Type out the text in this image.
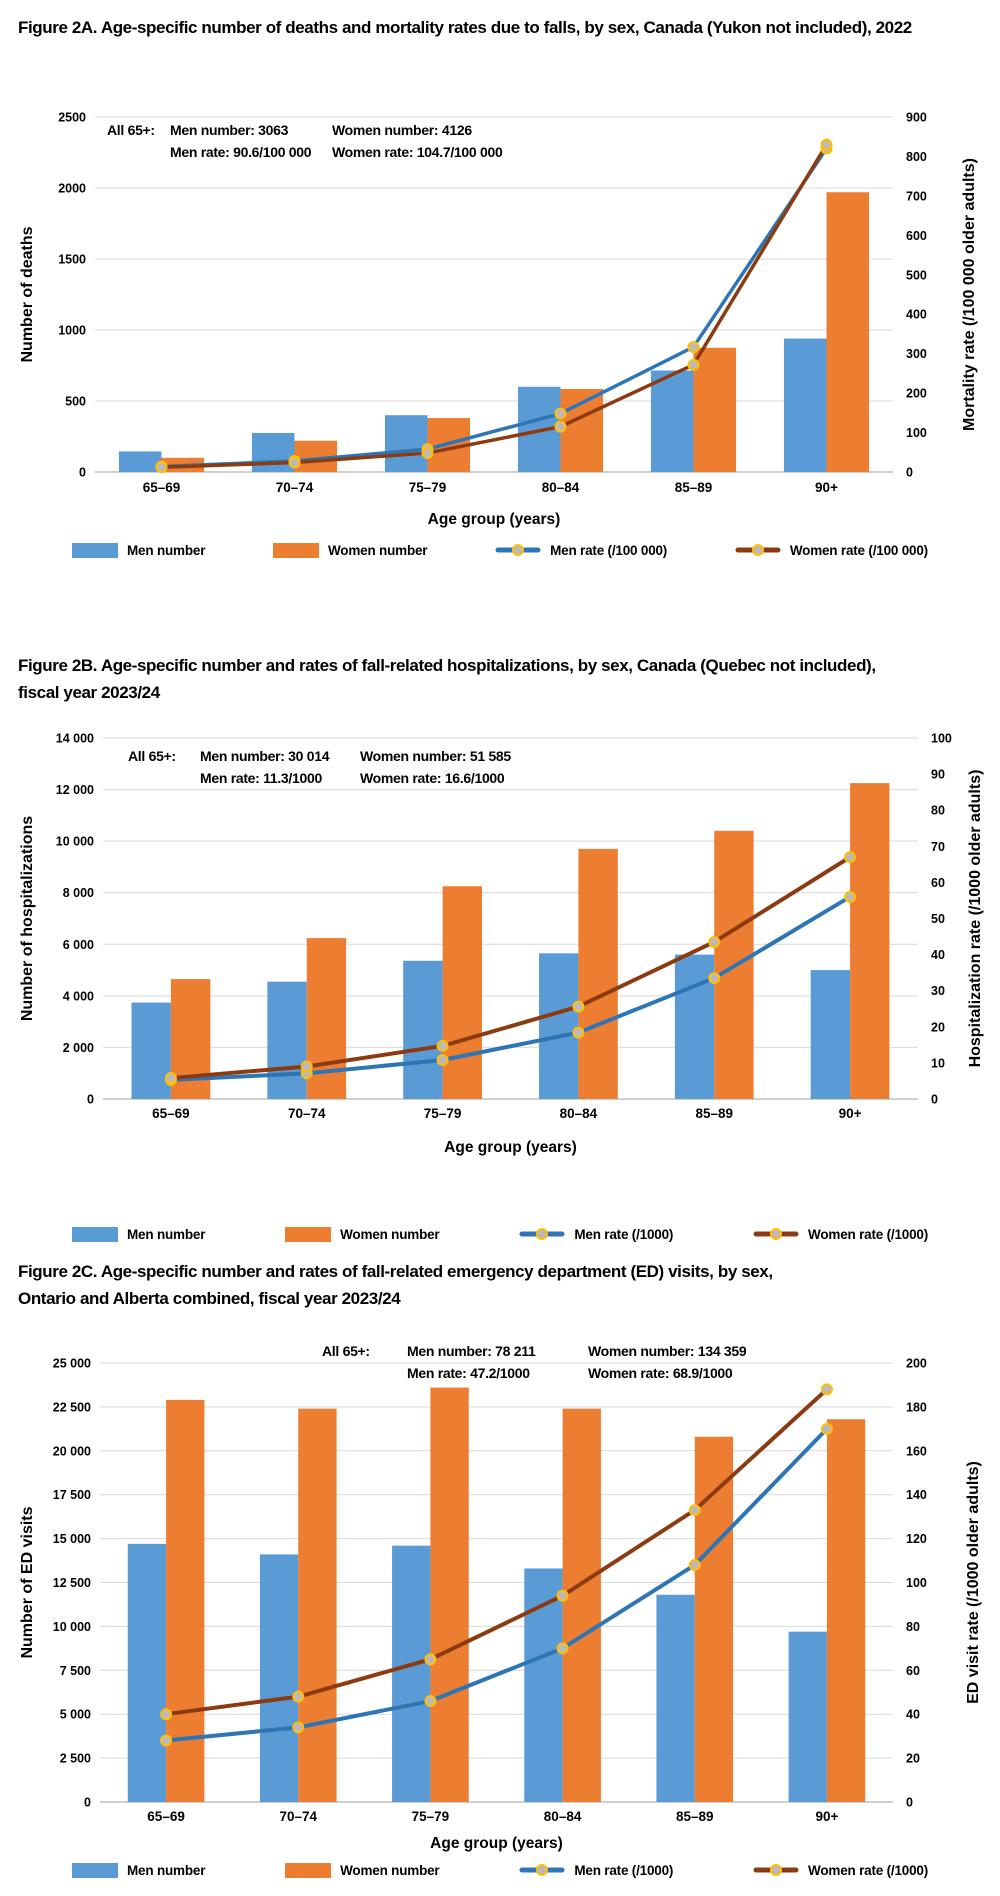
0
500
1000
1500
2000
2500
0
100
200
300
400
500
600
700
800
900
65–69	70–74	75–79	80–84	85–89	90+
Number of deaths	Mortality rate (/100 000 older adults)
Age group (years)
0
2 000
4 000
6 000
8 000
10 000
12 000
14 000
0
10
20
30
40
50
60
70
80
90
100
65–69	70–74	75–79	80–84	85–89	90+
Number of hospitalizations	Hospitalization rate (/1000 older adults)
Age group (years)
0
2 500
5 000
7 500
10 000
12 500
15 000
17 500
20 000
22 500
25 000
0
20
40
60
80
100
120
140
160
180
200
65–69	70–74	75–79	80–84	85–89	90+
Number of ED visits	ED visit rate (/1000 older adults)
Age group (years)
Figure 2A. Age-specific number of deaths and mortality rates due to falls, by sex, Canada (Yukon not included), 2022
All 65+: Men number: 3063
Men rate: 90.6/100 000
Women number: 4126
Women rate: 104.7/100 000
Men number	Women number	Men rate (/100 000)	Women rate (/100 000)
Figure 2B. Age-specific number and rates of fall-related hospitalizations, by sex, Canada (Quebec not included),
fiscal year 2023/24
All 65+: Men number: 30 014
Men rate: 11.3/1000
Women number: 51 585
Women rate: 16.6/1000
Men number	Women number	Men rate (/1000)	Women rate (/1000)
Figure 2C. Age-specific number and rates of fall-related emergency department (ED) visits, by sex,
Ontario and Alberta combined, fiscal year 2023/24
All 65+:	Men number: 78 211
Men rate: 47.2/1000
Women number: 134 359
Women rate: 68.9/1000
Men number	Women number	Men rate (/1000)	Women rate (/1000)
